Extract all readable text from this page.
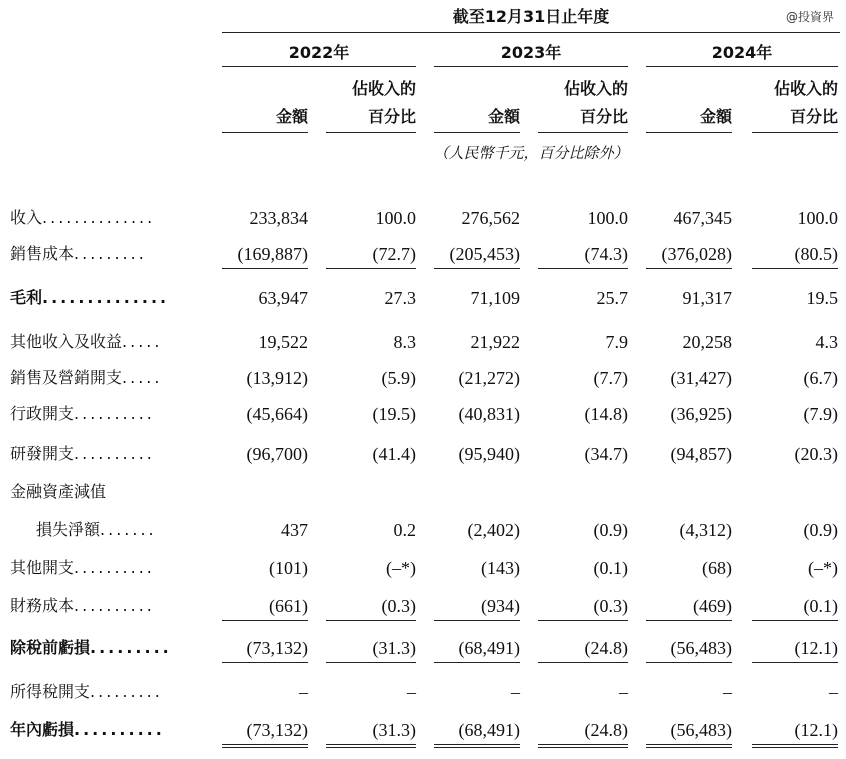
@投資界
截至12月31日止年度
2022年	2023年	2024年
佔收入的	佔收入的	佔收入的
金額	百分比	金額	百分比	金額	百分比
（人民幣千元，百分比除外）
收入..............	233,834	100.0	276,562	100.0	467,345	100.0
銷售成本.........	(169,887)	(72.7)	(205,453)	(74.3)	(376,028)	(80.5)
毛利..............	63,947	27.3	71,109	25.7	91,317	19.5
其他收入及收益.....	19,522	8.3	21,922	7.9	20,258	4.3
銷售及營銷開支.....	(13,912)	(5.9)	(21,272)	(7.7)	(31,427)	(6.7)
行政開支..........	(45,664)	(19.5)	(40,831)	(14.8)	(36,925)	(7.9)
研發開支..........	(96,700)	(41.4)	(95,940)	(34.7)	(94,857)	(20.3)
金融資產減值
損失淨額.......	437	0.2	(2,402)	(0.9)	(4,312)	(0.9)
其他開支..........	(101)	(–*)	(143)	(0.1)	(68)	(–*)
財務成本..........	(661)	(0.3)	(934)	(0.3)	(469)	(0.1)
除稅前虧損.........	(73,132)	(31.3)	(68,491)	(24.8)	(56,483)	(12.1)
所得稅開支.........	–	–	–	–	–	–
年內虧損..........	(73,132)	(31.3)	(68,491)	(24.8)	(56,483)	(12.1)
